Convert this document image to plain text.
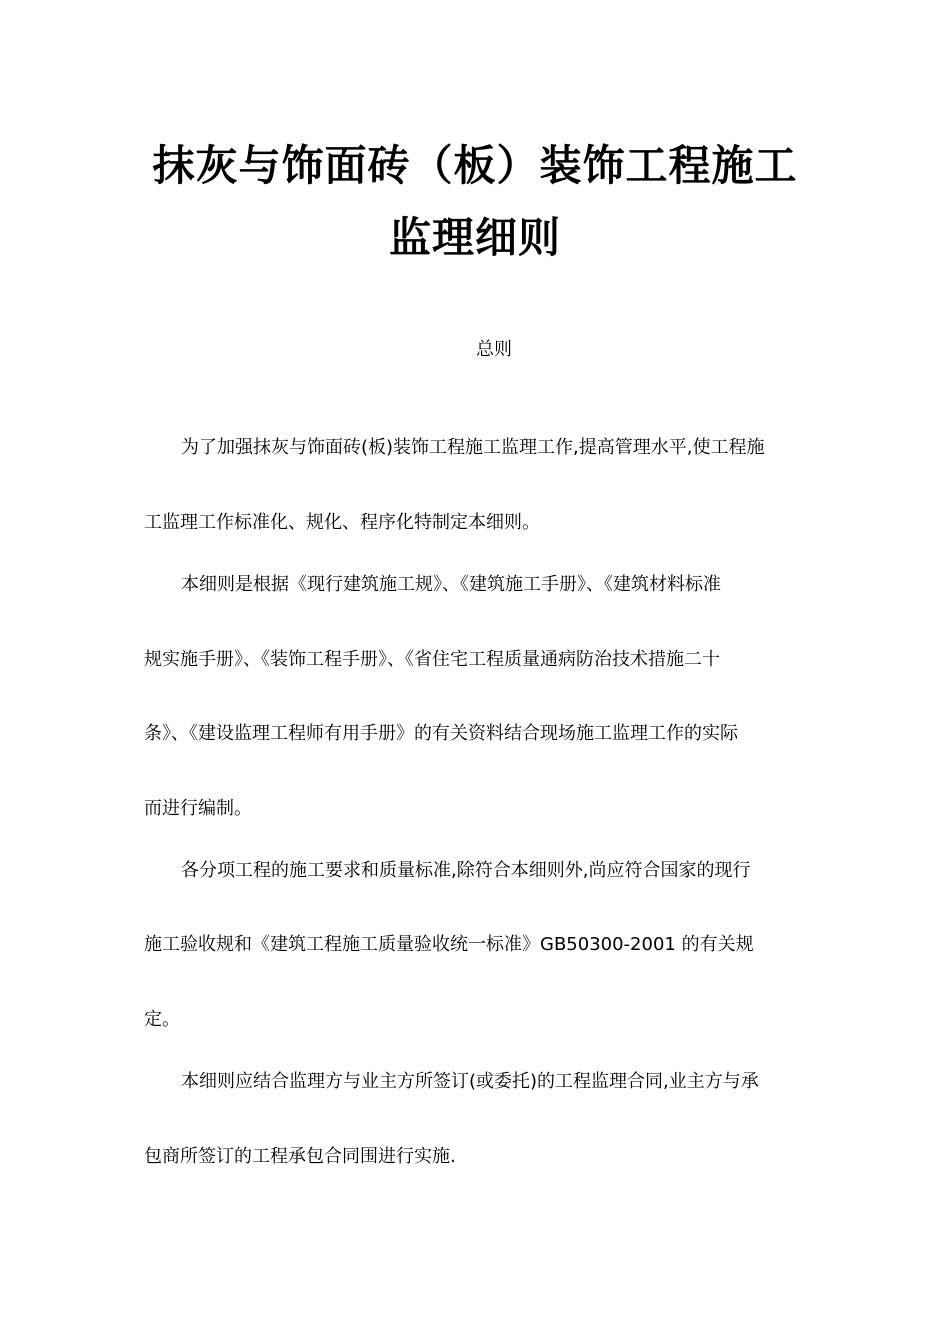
抹灰与饰面砖（板）装饰工程施工
监理细则
总则
为了加强抹灰与饰面砖(板)装饰工程施工监理工作,提高管理水平,使工程施
工监理工作标准化、规化、程序化特制定本细则。
本细则是根据《现行建筑施工规》、《建筑施工手册》、《建筑材料标准
规实施手册》、《装饰工程手册》、《省住宅工程质量通病防治技术措施二十
条》、《建设监理工程师有用手册》的有关资料结合现场施工监理工作的实际
而进行编制。
各分项工程的施工要求和质量标准,除符合本细则外,尚应符合国家的现行
施工验收规和《建筑工程施工质量验收统一标准》GB50300-2001 的有关规
定。
本细则应结合监理方与业主方所签订(或委托)的工程监理合同,业主方与承
包商所签订的工程承包合同围进行实施.
